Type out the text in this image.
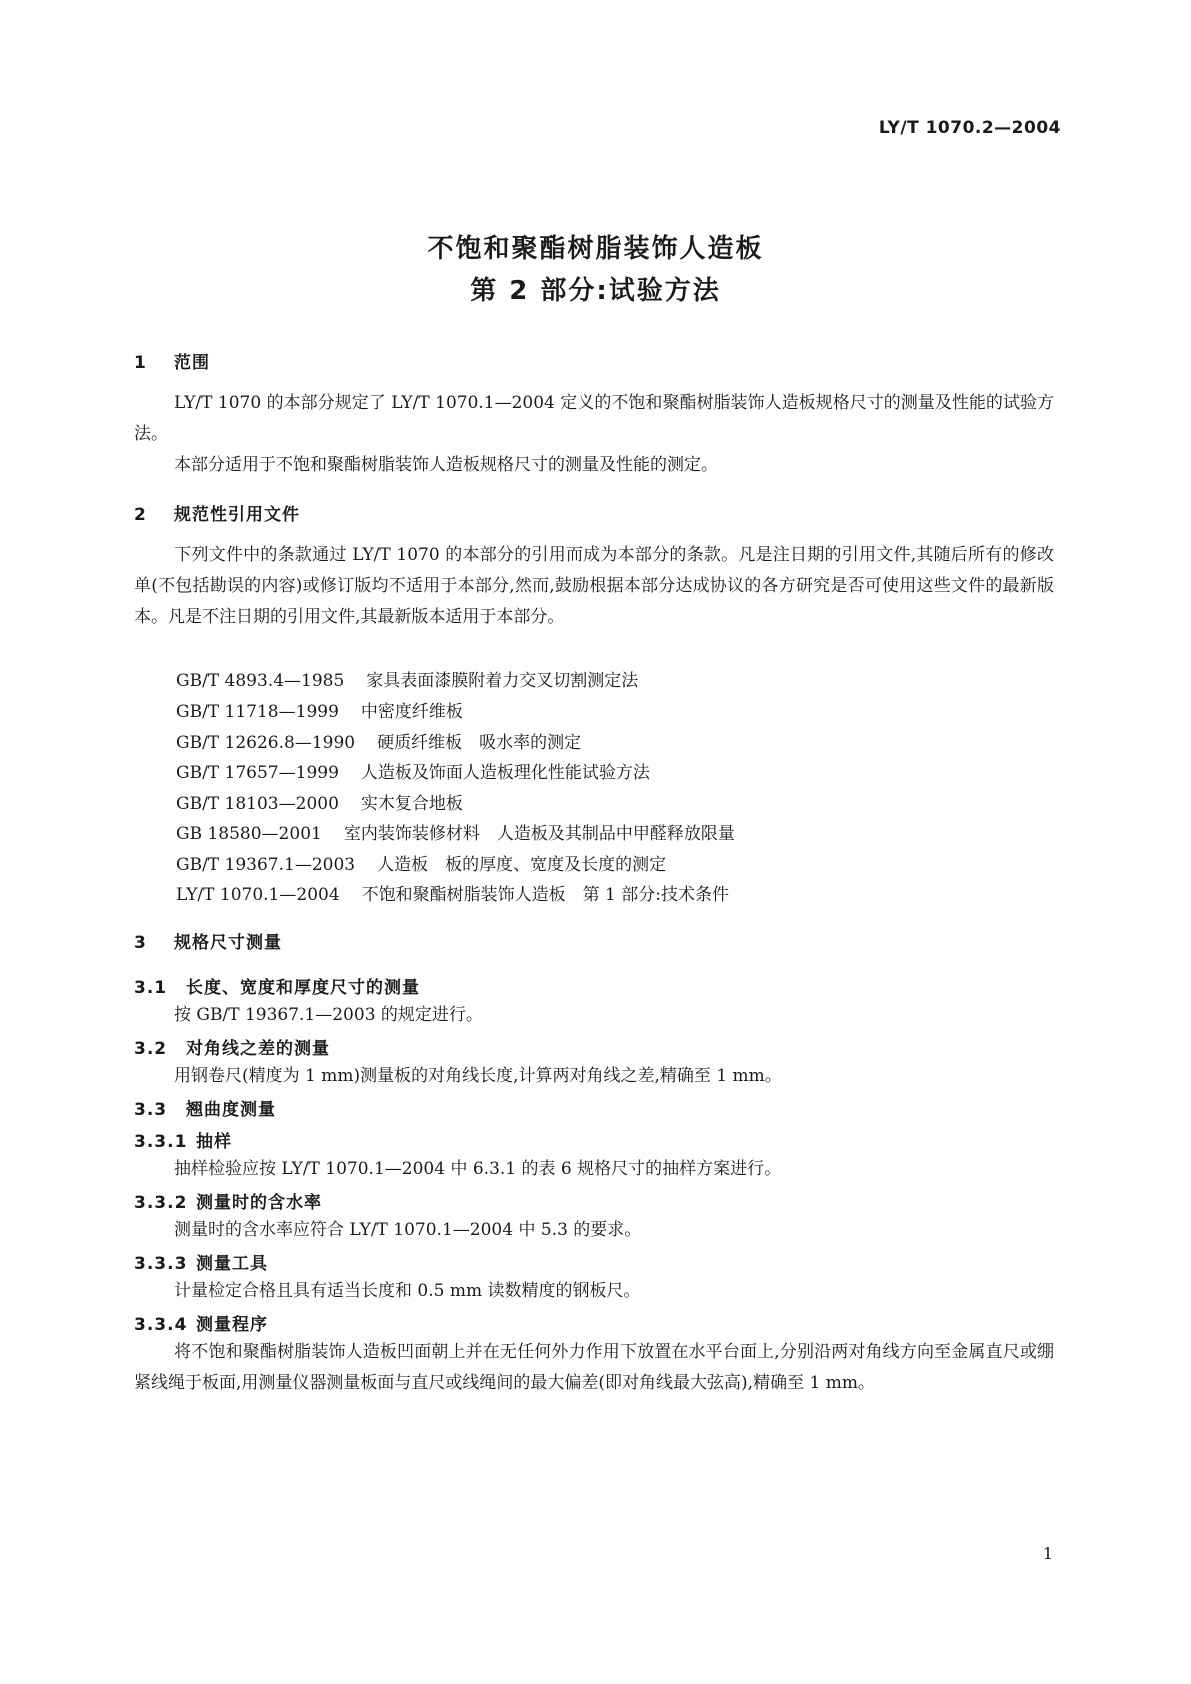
LY/T 1070.2—2004
不饱和聚酯树脂装饰人造板
第 2 部分:试验方法
1 范围
LY/T 1070 的本部分规定了 LY/T 1070.1—2004 定义的不饱和聚酯树脂装饰人造板规格尺寸的测量及性能的试验方法。
本部分适用于不饱和聚酯树脂装饰人造板规格尺寸的测量及性能的测定。
2 规范性引用文件
下列文件中的条款通过 LY/T 1070 的本部分的引用而成为本部分的条款。凡是注日期的引用文件,其随后所有的修改单(不包括勘误的内容)或修订版均不适用于本部分,然而,鼓励根据本部分达成协议的各方研究是否可使用这些文件的最新版本。凡是不注日期的引用文件,其最新版本适用于本部分。
GB/T 4893.4—1985 家具表面漆膜附着力交叉切割测定法
GB/T 11718—1999 中密度纤维板
GB/T 12626.8—1990 硬质纤维板　吸水率的测定
GB/T 17657—1999 人造板及饰面人造板理化性能试验方法
GB/T 18103—2000 实木复合地板
GB 18580—2001 室内装饰装修材料　人造板及其制品中甲醛释放限量
GB/T 19367.1—2003 人造板　板的厚度、宽度及长度的测定
LY/T 1070.1—2004 不饱和聚酯树脂装饰人造板　第 1 部分:技术条件
3 规格尺寸测量
3.1 长度、宽度和厚度尺寸的测量
按 GB/T 19367.1—2003 的规定进行。
3.2 对角线之差的测量
用钢卷尺(精度为 1 mm)测量板的对角线长度,计算两对角线之差,精确至 1 mm。
3.3 翘曲度测量
3.3.1 抽样
抽样检验应按 LY/T 1070.1—2004 中 6.3.1 的表 6 规格尺寸的抽样方案进行。
3.3.2 测量时的含水率
测量时的含水率应符合 LY/T 1070.1—2004 中 5.3 的要求。
3.3.3 测量工具
计量检定合格且具有适当长度和 0.5 mm 读数精度的钢板尺。
3.3.4 测量程序
将不饱和聚酯树脂装饰人造板凹面朝上并在无任何外力作用下放置在水平台面上,分别沿两对角线方向至金属直尺或绷紧线绳于板面,用测量仪器测量板面与直尺或线绳间的最大偏差(即对角线最大弦高),精确至 1 mm。
1
